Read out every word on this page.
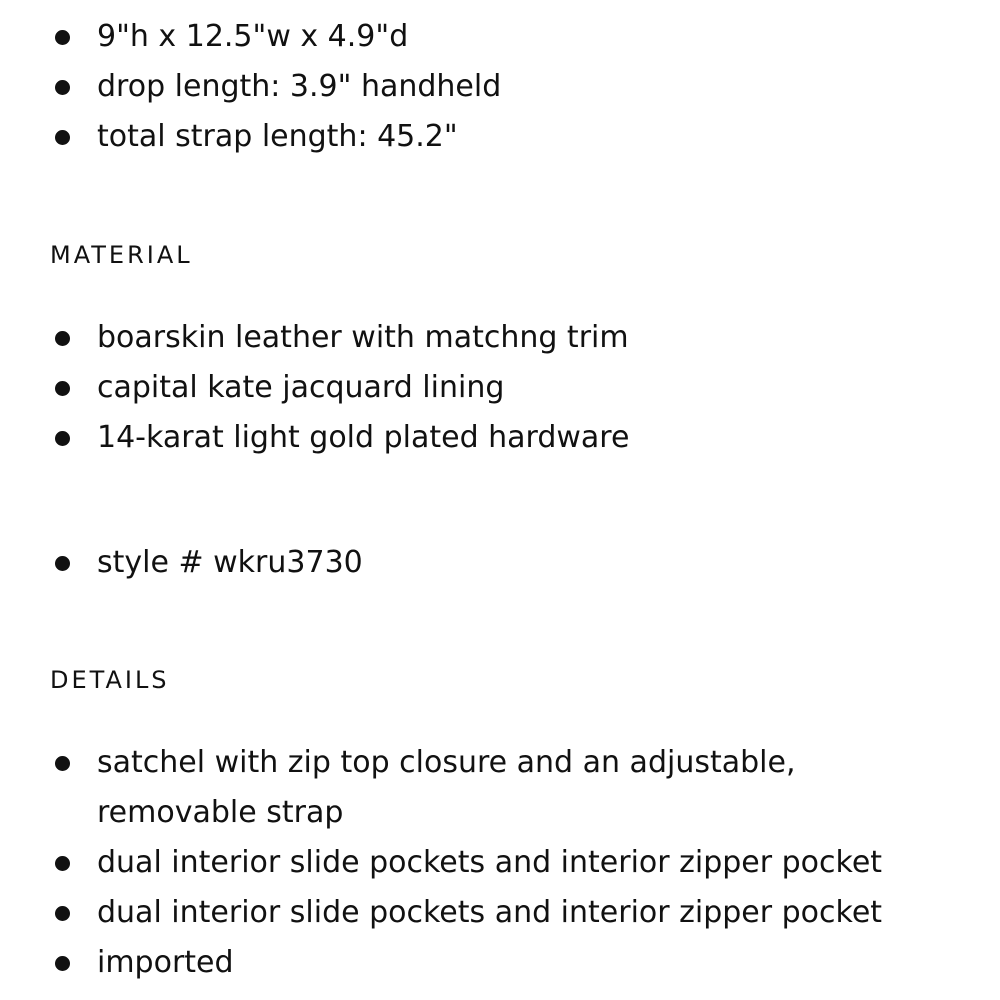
9"h x 12.5"w x 4.9"d
drop length: 3.9" handheld
total strap length: 45.2"
MATERIAL
boarskin leather with matchng trim
capital kate jacquard lining
14-karat light gold plated hardware
style # wkru3730
DETAILS
satchel with zip top closure and an adjustable, removable strap
dual interior slide pockets and interior zipper pocket
dual interior slide pockets and interior zipper pocket
imported
